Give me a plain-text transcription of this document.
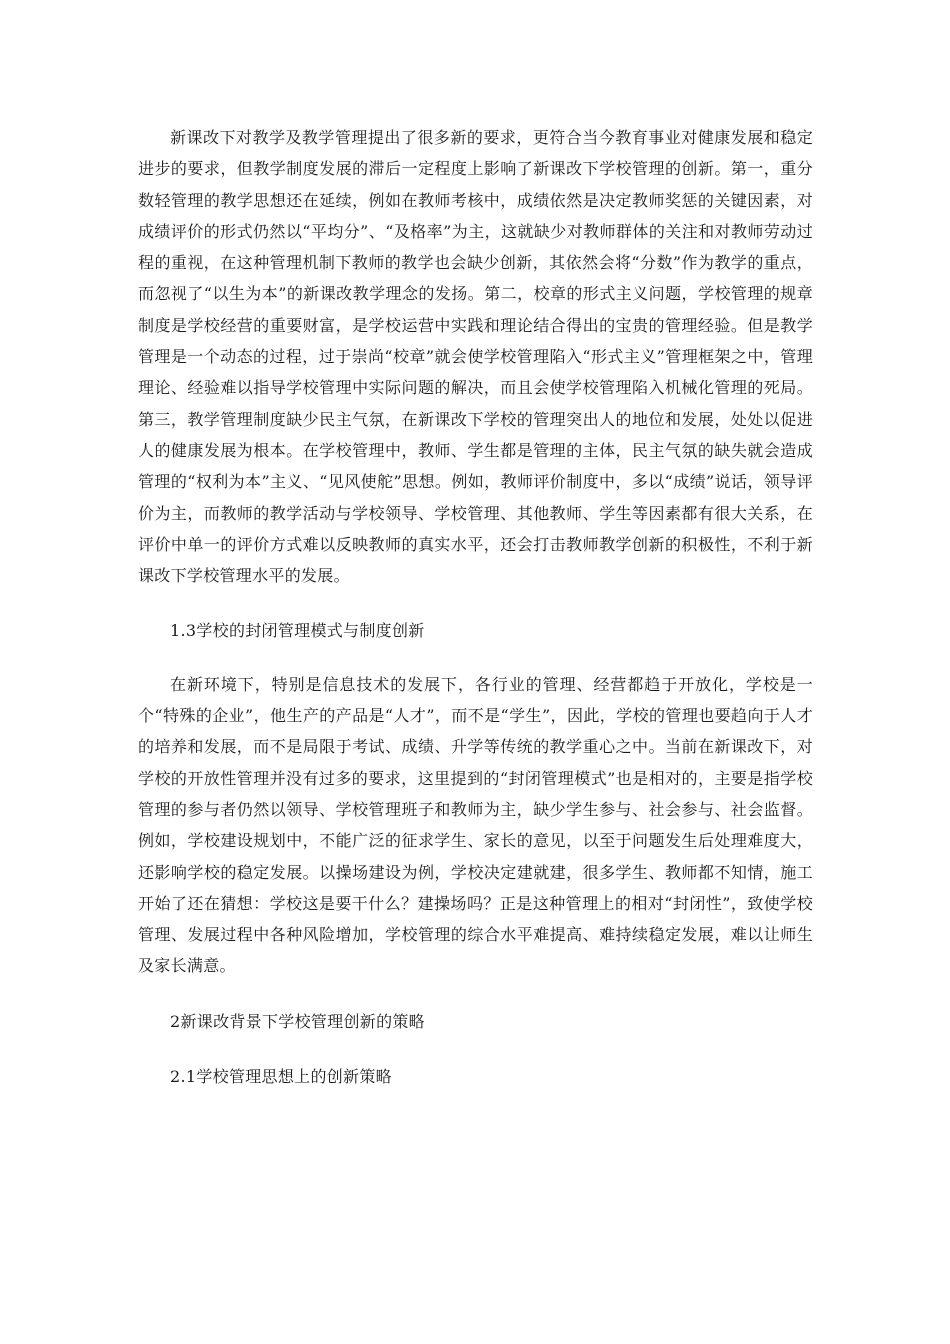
新课改下对教学及教学管理提出了很多新的要求，更符合当今教育事业对健康发展和稳定进步的要求，但教学制度发展的滞后一定程度上影响了新课改下学校管理的创新。第一，重分数轻管理的教学思想还在延续，例如在教师考核中，成绩依然是决定教师奖惩的关键因素，对成绩评价的形式仍然以“平均分”、“及格率”为主，这就缺少对教师群体的关注和对教师劳动过程的重视，在这种管理机制下教师的教学也会缺少创新，其依然会将“分数”作为教学的重点，而忽视了“以生为本”的新课改教学理念的发扬。第二，校章的形式主义问题，学校管理的规章制度是学校经营的重要财富，是学校运营中实践和理论结合得出的宝贵的管理经验。但是教学管理是一个动态的过程，过于崇尚“校章”就会使学校管理陷入“形式主义”管理框架之中，管理理论、经验难以指导学校管理中实际问题的解决，而且会使学校管理陷入机械化管理的死局。第三，教学管理制度缺少民主气氛，在新课改下学校的管理突出人的地位和发展，处处以促进人的健康发展为根本。在学校管理中，教师、学生都是管理的主体，民主气氛的缺失就会造成管理的“权利为本”主义、“见风使舵”思想。例如，教师评价制度中，多以“成绩”说话，领导评价为主，而教师的教学活动与学校领导、学校管理、其他教师、学生等因素都有很大关系，在评价中单一的评价方式难以反映教师的真实水平，还会打击教师教学创新的积极性，不利于新课改下学校管理水平的发展。

1.3学校的封闭管理模式与制度创新

在新环境下，特别是信息技术的发展下，各行业的管理、经营都趋于开放化，学校是一个“特殊的企业”，他生产的产品是“人才”，而不是“学生”，因此，学校的管理也要趋向于人才的培养和发展，而不是局限于考试、成绩、升学等传统的教学重心之中。当前在新课改下，对学校的开放性管理并没有过多的要求，这里提到的“封闭管理模式”也是相对的，主要是指学校管理的参与者仍然以领导、学校管理班子和教师为主，缺少学生参与、社会参与、社会监督。例如，学校建设规划中，不能广泛的征求学生、家长的意见，以至于问题发生后处理难度大，还影响学校的稳定发展。以操场建设为例，学校决定建就建，很多学生、教师都不知情，施工开始了还在猜想：学校这是要干什么？建操场吗？正是这种管理上的相对“封闭性”，致使学校管理、发展过程中各种风险增加，学校管理的综合水平难提高、难持续稳定发展，难以让师生及家长满意。

2新课改背景下学校管理创新的策略

2.1学校管理思想上的创新策略
